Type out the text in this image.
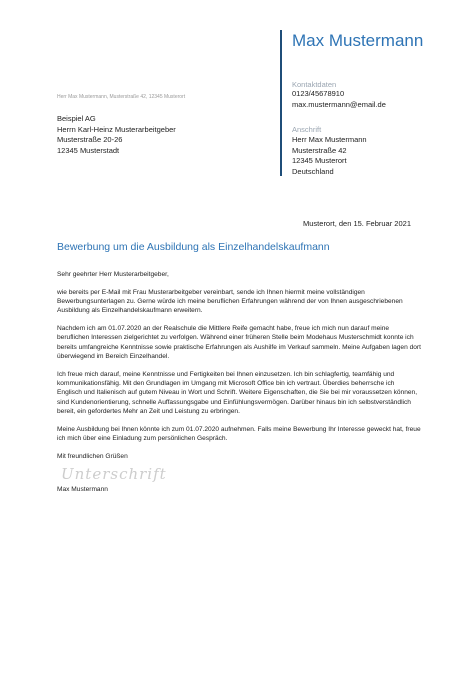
Max Mustermann
Kontaktdaten
0123/45678910
max.mustermann@email.de
Anschrift
Herr Max Mustermann
Musterstraße 42
12345 Musterort
Deutschland
Herr Max Mustermann, Musterstraße 42, 12345 Musterort
Beispiel AG
Herrn Karl-Heinz Musterarbeitgeber
Musterstraße 20-26
12345 Musterstadt
Musterort, den 15. Februar 2021
Bewerbung um die Ausbildung als Einzelhandelskaufmann

Sehr geehrter Herr Musterarbeitgeber,

wie bereits per E-Mail mit Frau Musterarbeitgeber vereinbart, sende ich Ihnen hiermit meine vollständigen Bewerbungsunterlagen zu. Gerne würde ich meine beruflichen Erfahrungen während der von Ihnen ausgeschriebenen Ausbildung als Einzelhandelskaufmann erweitern.

Nachdem ich am 01.07.2020 an der Realschule die Mittlere Reife gemacht habe, freue ich mich nun darauf meine beruflichen Interessen zielgerichtet zu verfolgen. Während einer früheren Stelle beim Modehaus Musterschmidt konnte ich bereits umfangreiche Kenntnisse sowie praktische Erfahrungen als Aushilfe im Verkauf sammeln. Meine Aufgaben lagen dort überwiegend im Bereich Einzelhandel.

Ich freue mich darauf, meine Kenntnisse und Fertigkeiten bei Ihnen einzusetzen. Ich bin schlagfertig, teamfähig und kommunikationsfähig. Mit den Grundlagen im Umgang mit Microsoft Office bin ich vertraut. Überdies beherrsche ich Englisch und Italienisch auf gutem Niveau in Wort und Schrift. Weitere Eigenschaften, die Sie bei mir voraussetzen können, sind Kundenorientierung, schnelle Auffassungsgabe und Einfühlungsvermögen. Darüber hinaus bin ich selbstverständlich bereit, ein gefordertes Mehr an Zeit und Leistung zu erbringen.

Meine Ausbildung bei Ihnen könnte ich zum 01.07.2020 aufnehmen. Falls meine Bewerbung Ihr Interesse geweckt hat, freue ich mich über eine Einladung zum persönlichen Gespräch.

Mit freundlichen Grüßen

Unterschrift

Max Mustermann
